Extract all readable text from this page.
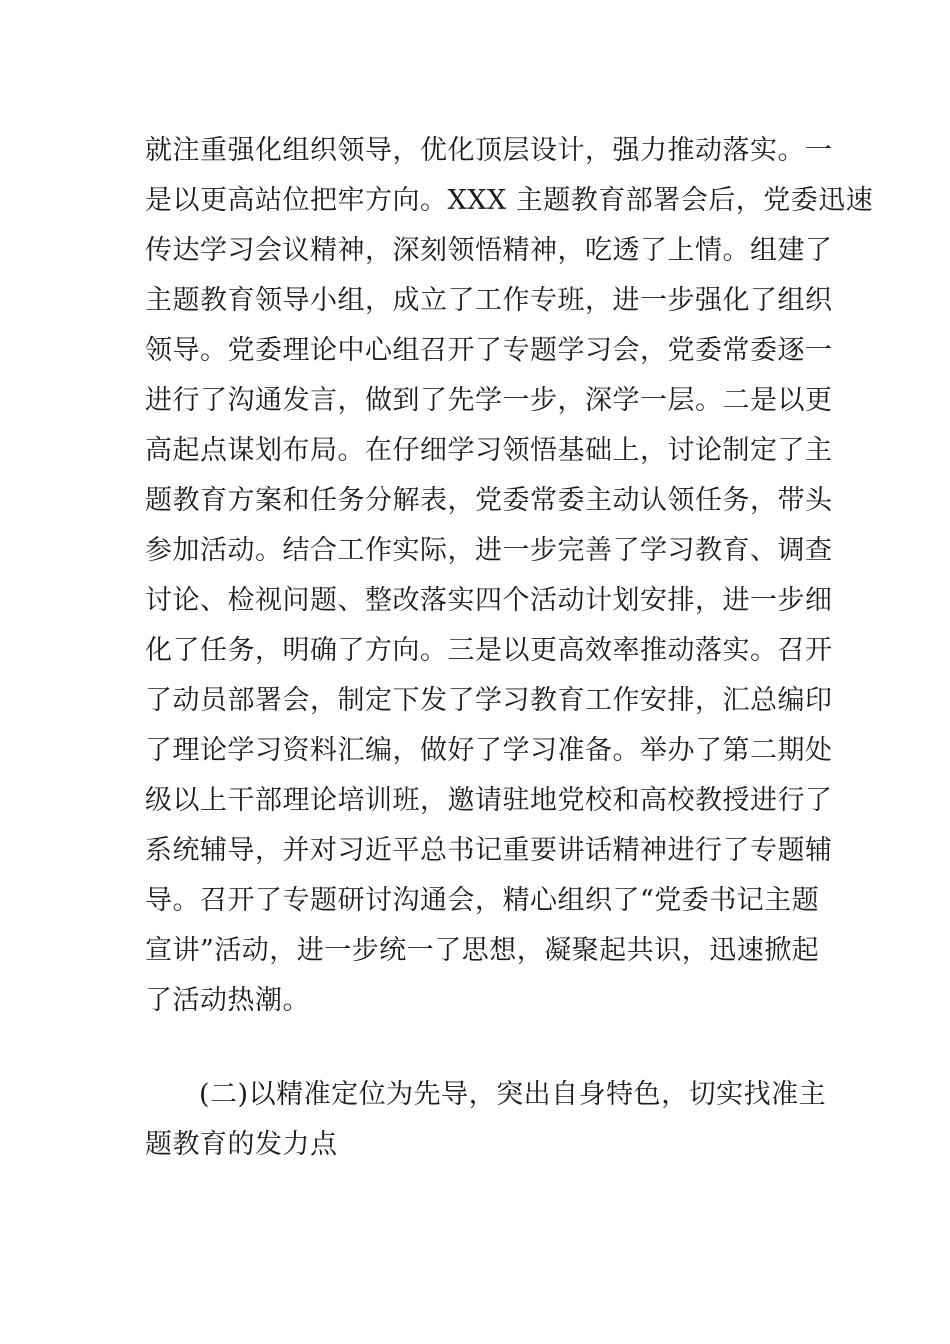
就注重强化组织领导，优化顶层设计，强力推动落实。一

是以更高站位把牢方向。XXX 主题教育部署会后，党委迅速

传达学习会议精神，深刻领悟精神，吃透了上情。组建了

主题教育领导小组，成立了工作专班，进一步强化了组织

领导。党委理论中心组召开了专题学习会，党委常委逐一

进行了沟通发言，做到了先学一步，深学一层。二是以更

高起点谋划布局。在仔细学习领悟基础上，讨论制定了主

题教育方案和任务分解表，党委常委主动认领任务，带头

参加活动。结合工作实际，进一步完善了学习教育、调查

讨论、检视问题、整改落实四个活动计划安排，进一步细

化了任务，明确了方向。三是以更高效率推动落实。召开

了动员部署会，制定下发了学习教育工作安排，汇总编印

了理论学习资料汇编，做好了学习准备。举办了第二期处

级以上干部理论培训班，邀请驻地党校和高校教授进行了

系统辅导，并对习近平总书记重要讲话精神进行了专题辅

导。召开了专题研讨沟通会，精心组织了“党委书记主题

宣讲”活动，进一步统一了思想，凝聚起共识，迅速掀起

了活动热潮。

(二)以精准定位为先导，突出自身特色，切实找准主

题教育的发力点
